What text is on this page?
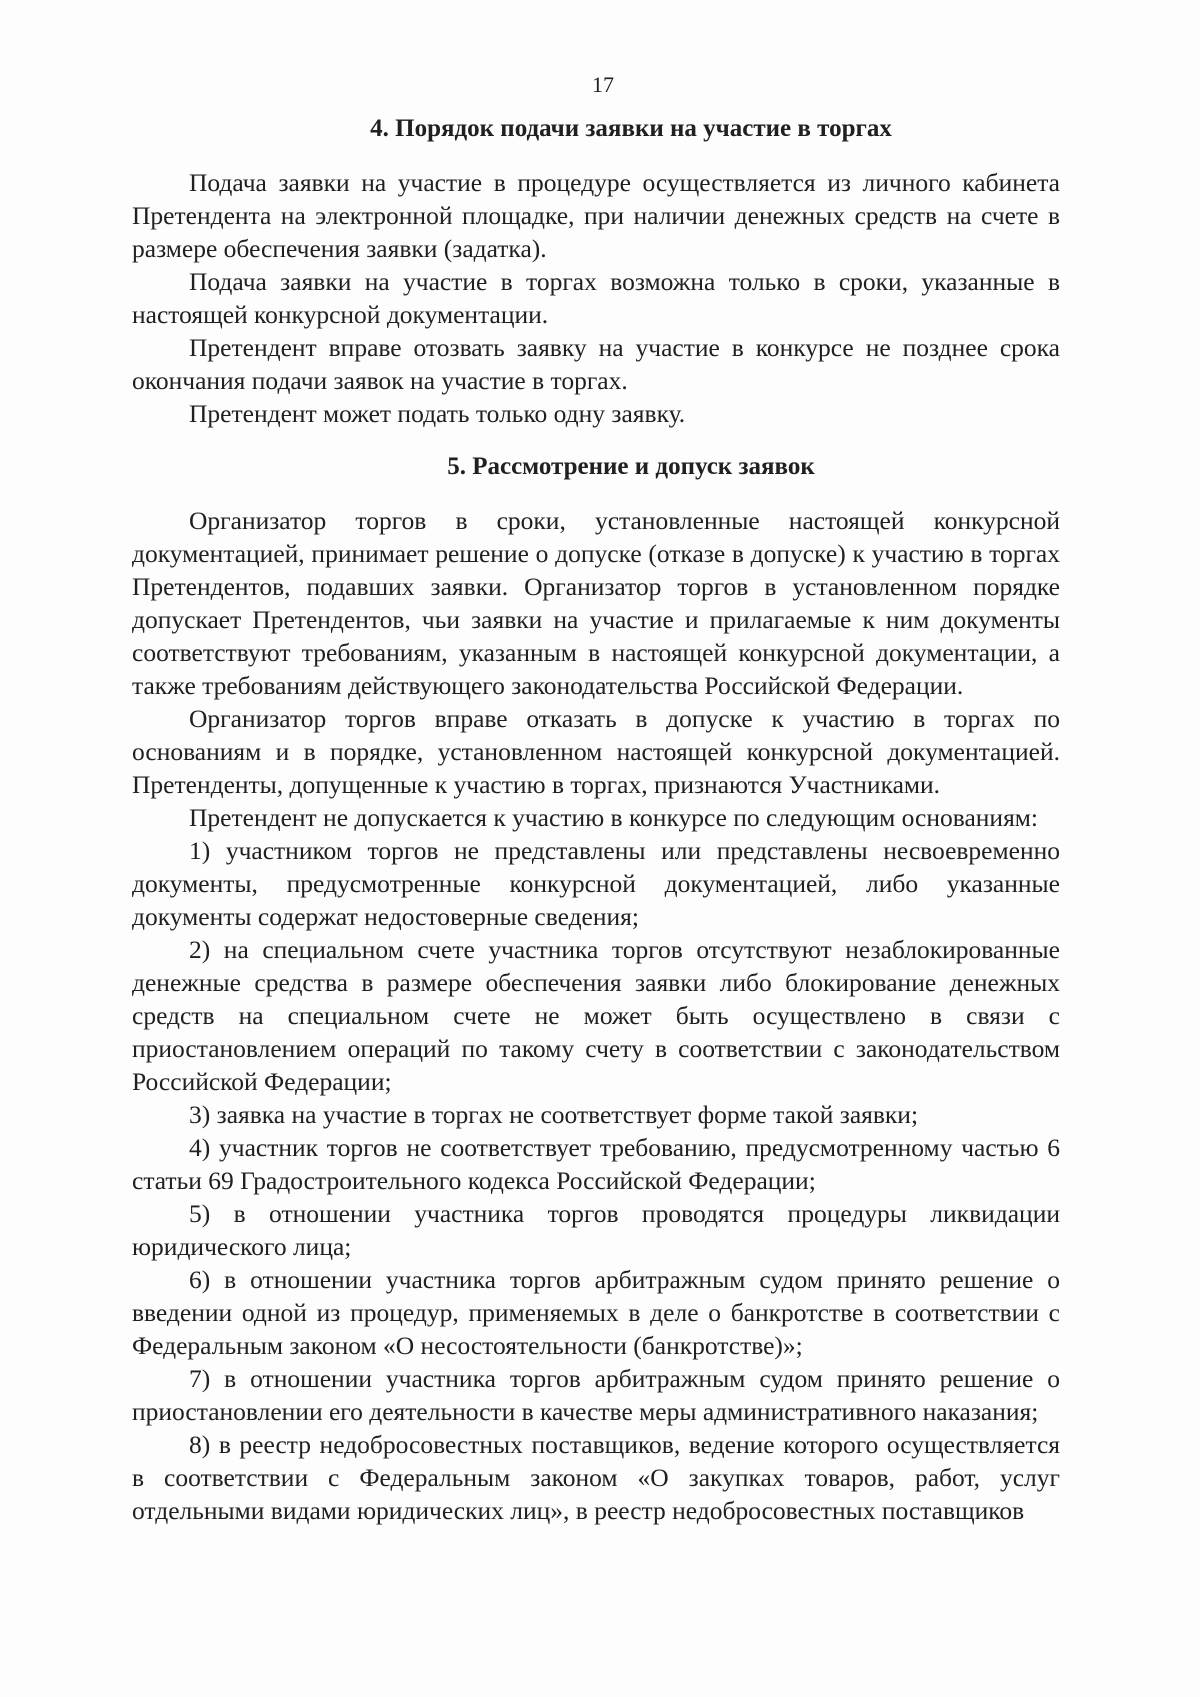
17
4. Порядок подачи заявки на участие в торгах

Подача заявки на участие в процедуре осуществляется из личного кабинета Претендента на электронной площадке, при наличии денежных средств на счете в размере обеспечения заявки (задатка).

Подача заявки на участие в торгах возможна только в сроки, указанные в настоящей конкурсной документации.

Претендент вправе отозвать заявку на участие в конкурсе не позднее срока окончания подачи заявок на участие в торгах.

Претендент может подать только одну заявку.

5. Рассмотрение и допуск заявок

Организатор торгов в сроки, установленные настоящей конкурсной документацией, принимает решение о допуске (отказе в допуске) к участию в торгах Претендентов, подавших заявки. Организатор торгов в установленном порядке допускает Претендентов, чьи заявки на участие и прилагаемые к ним документы соответствуют требованиям, указанным в настоящей конкурсной документации, а также требованиям действующего законодательства Российской Федерации.

Организатор торгов вправе отказать в допуске к участию в торгах по основаниям и в порядке, установленном настоящей конкурсной документацией. Претенденты, допущенные к участию в торгах, признаются Участниками.

Претендент не допускается к участию в конкурсе по следующим основаниям:

1) участником торгов не представлены или представлены несвоевременно документы, предусмотренные конкурсной документацией, либо указанные документы содержат недостоверные сведения;

2) на специальном счете участника торгов отсутствуют незаблокированные денежные средства в размере обеспечения заявки либо блокирование денежных средств на специальном счете не может быть осуществлено в связи с приостановлением операций по такому счету в соответствии с законодательством Российской Федерации;

3) заявка на участие в торгах не соответствует форме такой заявки;

4) участник торгов не соответствует требованию, предусмотренному частью 6 статьи 69 Градостроительного кодекса Российской Федерации;

5) в отношении участника торгов проводятся процедуры ликвидации юридического лица;

6) в отношении участника торгов арбитражным судом принято решение о введении одной из процедур, применяемых в деле о банкротстве в соответствии с Федеральным законом «О несостоятельности (банкротстве)»;

7) в отношении участника торгов арбитражным судом принято решение о приостановлении его деятельности в качестве меры административного наказания;

8) в реестр недобросовестных поставщиков, ведение которого осуществляется в соответствии с Федеральным законом «О закупках товаров, работ, услуг отдельными видами юридических лиц», в реестр недобросовестных поставщиков
